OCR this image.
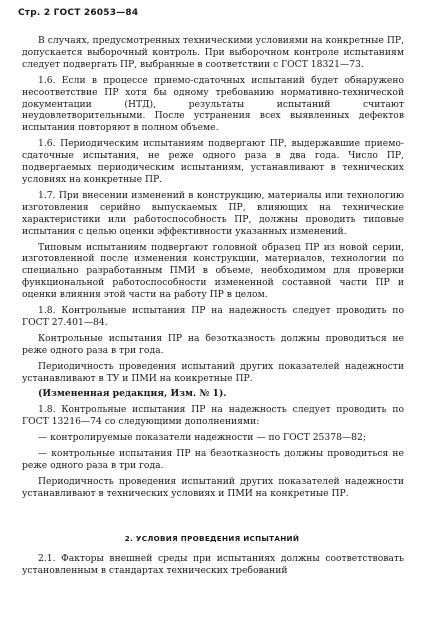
Стр. 2 ГОСТ 26053—84

В случаях, предусмотренных техническими условиями на конкретные ПР, допускается выборочный контроль. При выборочном контроле испытаниям следует подвергать ПР, выбранные в соответствии с ГОСТ 18321—73.

1.6. Если в процессе приемо-сдаточных испытаний будет обнаружено несоответствие ПР хотя бы одному требованию нормативно-технической документации (НТД), результаты испытаний считают неудовлетворительными. После устранения всех выявленных дефектов испытания повторяют в полном объеме.

1.6. Периодическим испытаниям подвергают ПР, выдержавшие приемо-сдаточные испытания, не реже одного раза в два года. Число ПР, подвергаемых периодическим испытаниям, устанавливают в технических условиях на конкретные ПР.

1.7. При внесении изменений в конструкцию, материалы или технологию изготовления серийно выпускаемых ПР, влияющих на технические характеристики или работоспособность ПР, должны проводить типовые испытания с целью оценки эффективности указанных изменений.

Типовым испытаниям подвергают головной образец ПР из новой серии, изготовленной после изменения конструкции, материалов, технологии по специально разработанным ПМИ в объеме, необходимом для проверки функциональной работоспособности измененной составной части ПР и оценки влияния этой части на работу ПР в целом.

1.8. Контрольные испытания ПР на надежность следует проводить по ГОСТ 27.401—84.

Контрольные испытания ПР на безотказность должны проводиться не реже одного раза в три года.

Периодичность проведения испытаний других показателей надежности устанавливают в ТУ и ПМИ на конкретные ПР.

(Измененная редакция, Изм. № 1).

1.8. Контрольные испытания ПР на надежность следует проводить по ГОСТ 13216—74 со следующими дополнениями:

— контролируемые показатели надежности — по ГОСТ 25378—82;

— контрольные испытания ПР на безотказность должны проводиться не реже одного раза в три года.

Периодичность проведения испытаний других показателей надежности устанавливают в технических условиях и ПМИ на конкретные ПР.

2. УСЛОВИЯ ПРОВЕДЕНИЯ ИСПЫТАНИЙ

2.1. Факторы внешней среды при испытаниях должны соответствовать установленным в стандартах технических требований
